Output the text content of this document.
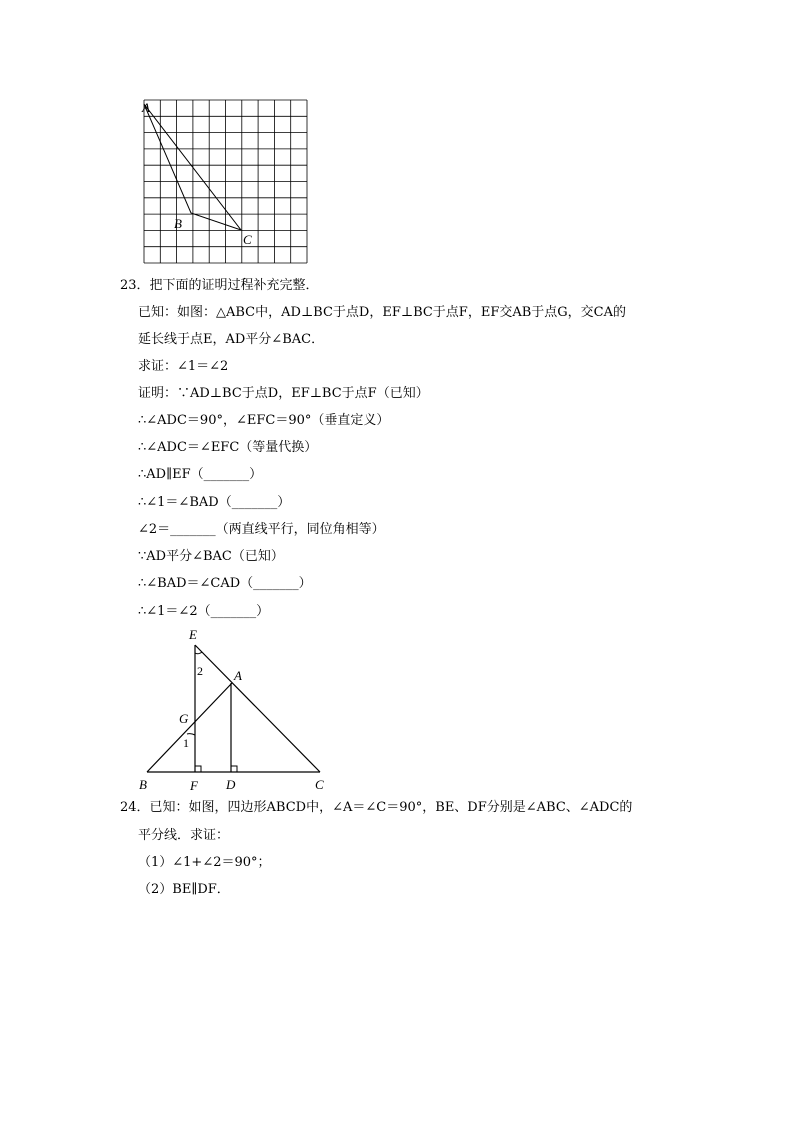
A
B
C
23．把下面的证明过程补充完整．
已知：如图：△ABC中，AD⊥BC于点D，EF⊥BC于点F，EF交AB于点G，交CA的
延长线于点E，AD平分∠BAC．
求证：∠1＝∠2
证明：∵AD⊥BC于点D，EF⊥BC于点F（已知）
∴∠ADC＝90°，∠EFC＝90°（垂直定义）
∴∠ADC＝∠EFC（等量代换）
∴AD∥EF（_______）
∴∠1＝∠BAD（_______）
∠2＝_______（两直线平行，同位角相等）
∵AD平分∠BAC（已知）
∴∠BAD＝∠CAD（_______）
∴∠1＝∠2（_______）
E
2 A
G
1
B	F D	C
24．已知：如图，四边形ABCD中，∠A＝∠C＝90°，BE、DF分别是∠ABC、∠ADC的
平分线．求证：
（1）∠1+∠2＝90°；
（2）BE∥DF．
